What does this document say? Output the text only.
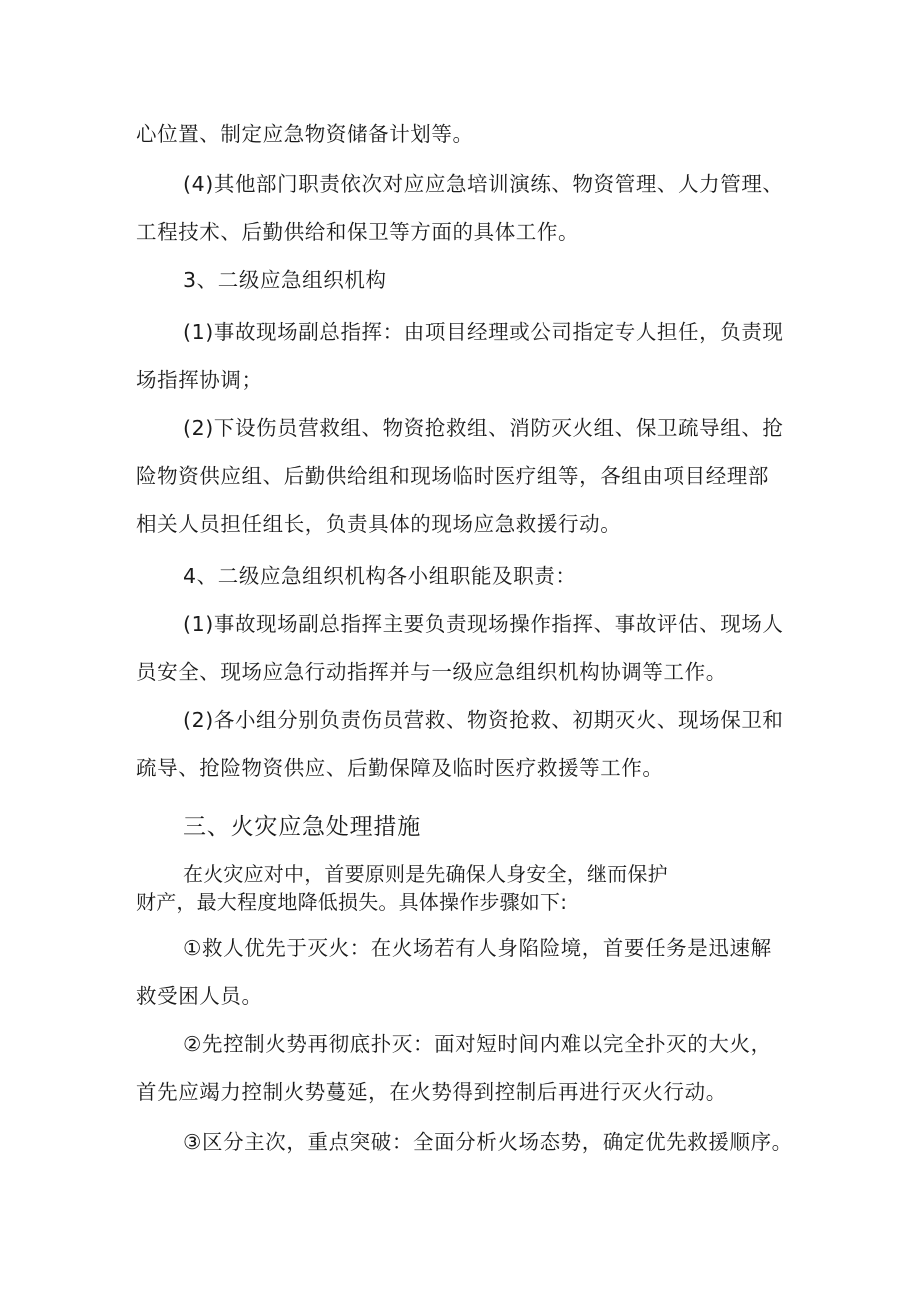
心位置、制定应急物资储备计划等。
(4)其他部门职责依次对应应急培训演练、物资管理、人力管理、
工程技术、后勤供给和保卫等方面的具体工作。
3、二级应急组织机构
(1)事故现场副总指挥：由项目经理或公司指定专人担任，负责现
场指挥协调；
(2)下设伤员营救组、物资抢救组、消防灭火组、保卫疏导组、抢
险物资供应组、后勤供给组和现场临时医疗组等，各组由项目经理部
相关人员担任组长，负责具体的现场应急救援行动。
4、二级应急组织机构各小组职能及职责：
(1)事故现场副总指挥主要负责现场操作指挥、事故评估、现场人
员安全、现场应急行动指挥并与一级应急组织机构协调等工作。
(2)各小组分别负责伤员营救、物资抢救、初期灭火、现场保卫和
疏导、抢险物资供应、后勤保障及临时医疗救援等工作。
三、火灾应急处理措施
在火灾应对中，首要原则是先确保人身安全，继而保护
财产，最大程度地降低损失。具体操作步骤如下:
①救人优先于灭火：在火场若有人身陷险境，首要任务是迅速解
救受困人员。
②先控制火势再彻底扑灭：面对短时间内难以完全扑灭的大火，
首先应竭力控制火势蔓延，在火势得到控制后再进行灭火行动。
③区分主次，重点突破：全面分析火场态势，确定优先救援顺序。
